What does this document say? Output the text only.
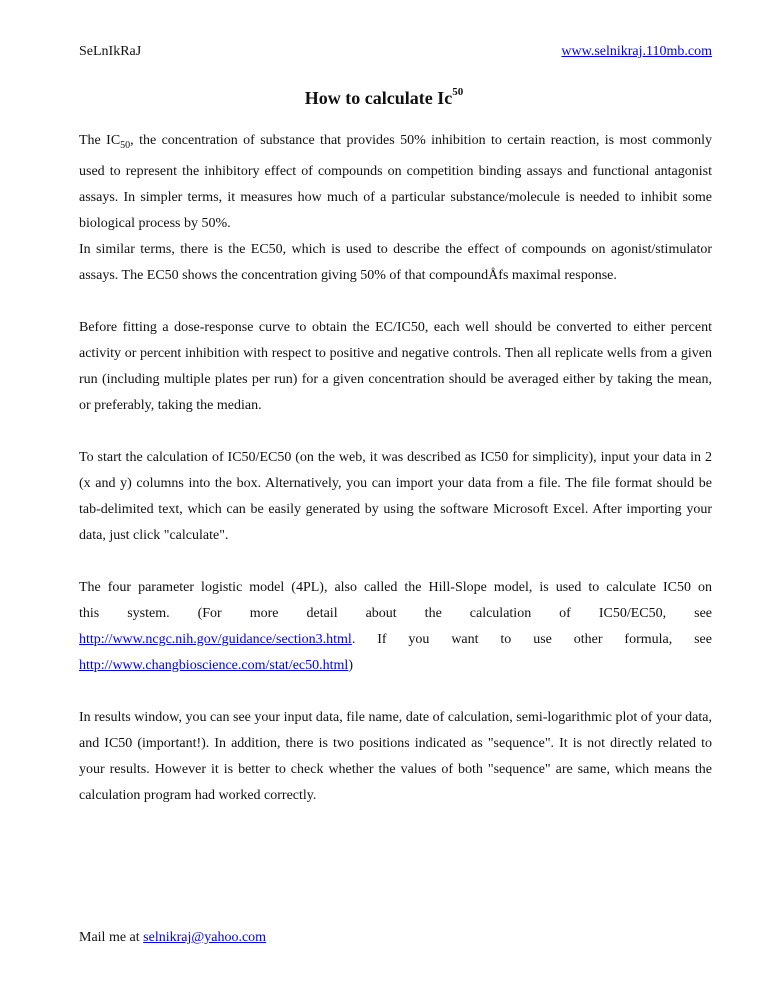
SeLnIkRaJ	www.selnikraj.110mb.com
How to calculate Ic$^{50}$

The $IC_{50}$, the concentration of substance that provides 50% inhibition to certain reaction, is most commonly used to represent the inhibitory effect of compounds on competition binding assays and functional antagonist assays. In simpler terms, it measures how much of a particular substance/molecule is needed to inhibit some biological process by 50%.

In similar terms, there is the EC50, which is used to describe the effect of compounds on agonist/stimulator assays. The EC50 shows the concentration giving 50% of that compoundÅfs maximal response.

Before fitting a dose-response curve to obtain the EC/IC50, each well should be converted to either percent activity or percent inhibition with respect to positive and negative controls. Then all replicate wells from a given run (including multiple plates per run) for a given concentration should be averaged either by taking the mean, or preferably, taking the median.

To start the calculation of IC50/EC50 (on the web, it was described as IC50 for simplicity), input your data in 2 (x and y) columns into the box. Alternatively, you can import your data from a file. The file format should be tab-delimited text, which can be easily generated by using the software Microsoft Excel. After importing your data, just click "calculate".

The four parameter logistic model (4PL), also called the Hill-Slope model, is used to calculate IC50 on
this system. (For more detail about the calculation of IC50/EC50, see
http://www.ncgc.nih.gov/guidance/section3.html. If you want to use other formula, see
http://www.changbioscience.com/stat/ec50.html)

In results window, you can see your input data, file name, date of calculation, semi-logarithmic plot of your data, and IC50 (important!). In addition, there is two positions indicated as "sequence". It is not directly related to your results. However it is better to check whether the values of both "sequence" are same, which means the calculation program had worked correctly.

Mail me at selnikraj@yahoo.com
